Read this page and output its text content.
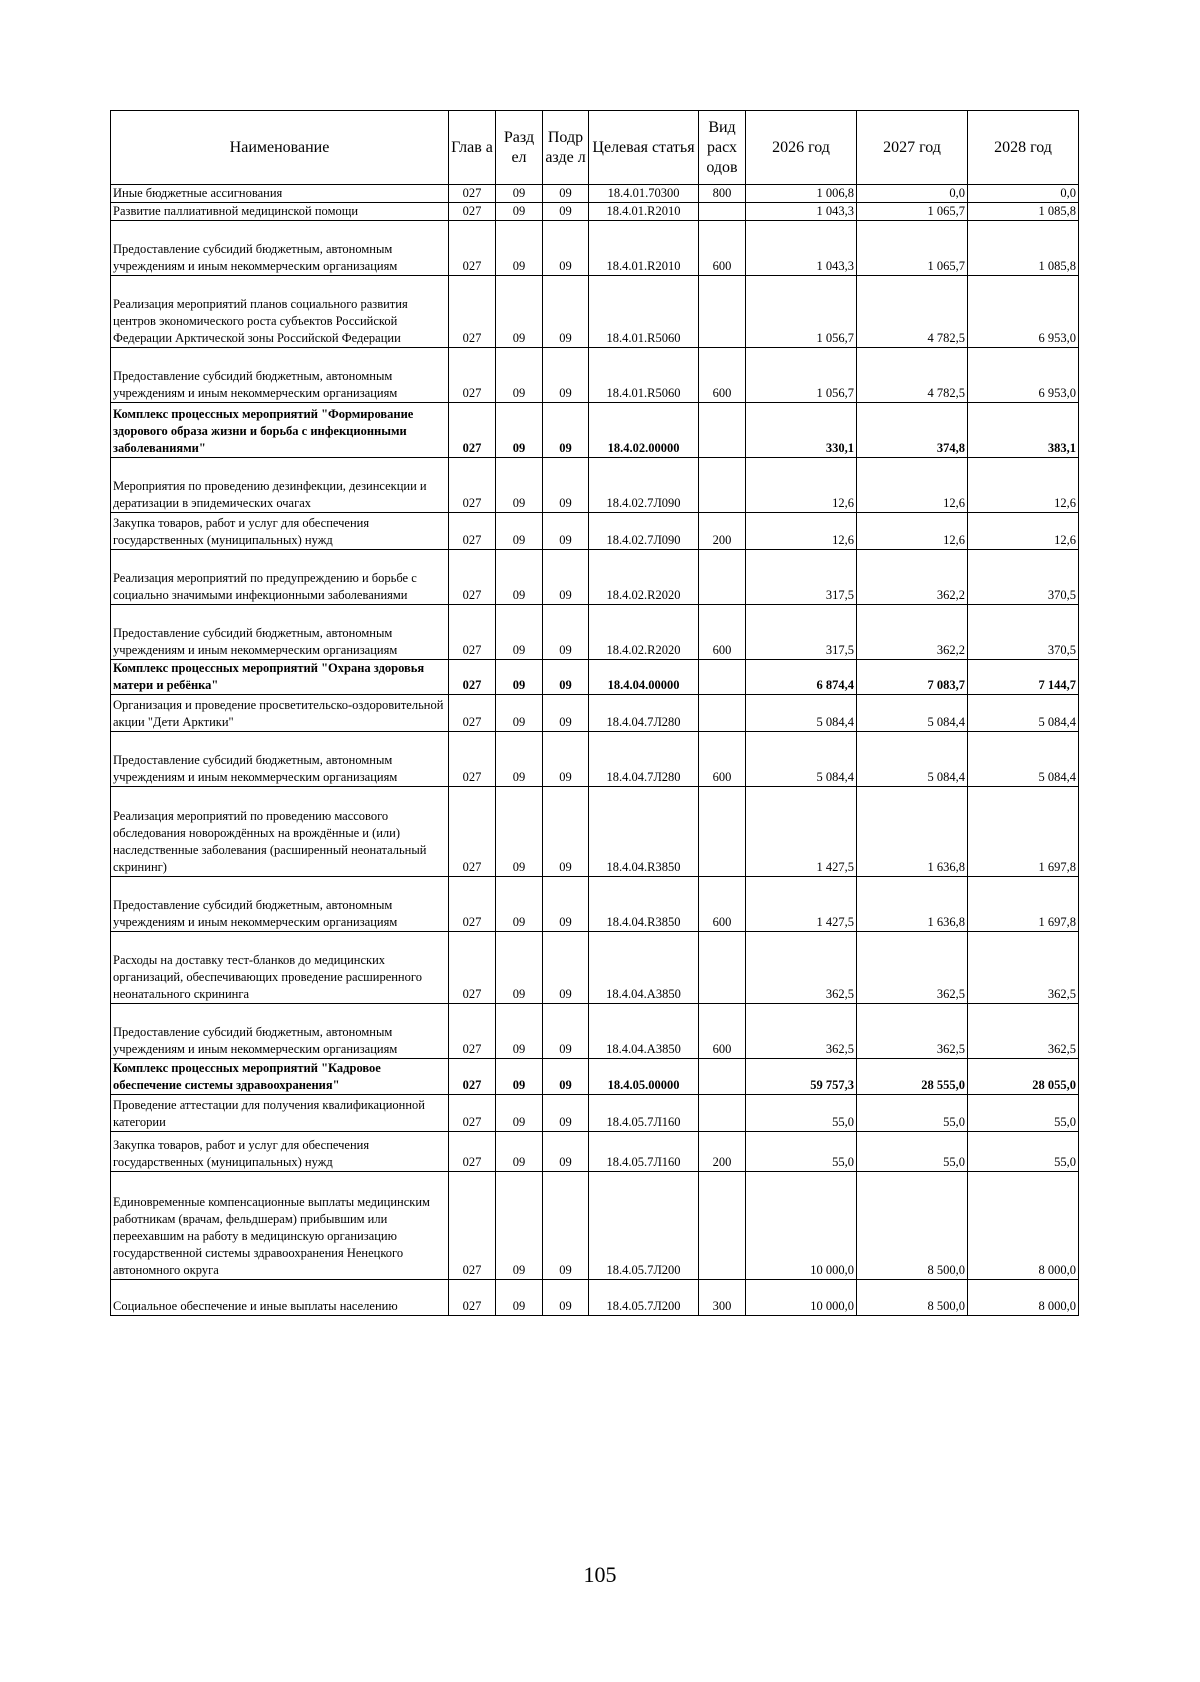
Наименование	Глав а	Разд ел	Подр азде л	Целевая статья	Вид расх одов	2026 год	2027 год	2028 год
Иные бюджетные ассигнования	027	09	09	18.4.01.70300	800	1 006,8	0,0	0,0
Развитие паллиативной медицинской помощи	027	09	09	18.4.01.R2010		1 043,3	1 065,7	1 085,8
Предоставление субсидий бюджетным, автономным учреждениям и иным некоммерческим организациям	027	09	09	18.4.01.R2010	600	1 043,3	1 065,7	1 085,8
Реализация мероприятий планов социального развития центров экономического роста субъектов Российской Федерации Арктической зоны Российской Федерации	027	09	09	18.4.01.R5060		1 056,7	4 782,5	6 953,0
Предоставление субсидий бюджетным, автономным учреждениям и иным некоммерческим организациям	027	09	09	18.4.01.R5060	600	1 056,7	4 782,5	6 953,0
Комплекс процессных мероприятий "Формирование здорового образа жизни и борьба с инфекционными заболеваниями"	027	09	09	18.4.02.00000		330,1	374,8	383,1
Мероприятия по проведению дезинфекции, дезинсекции и дератизации в эпидемических очагах	027	09	09	18.4.02.7Л090		12,6	12,6	12,6
Закупка товаров, работ и услуг для обеспечения государственных (муниципальных) нужд	027	09	09	18.4.02.7Л090	200	12,6	12,6	12,6
Реализация мероприятий по предупреждению и борьбе с социально значимыми инфекционными заболеваниями	027	09	09	18.4.02.R2020		317,5	362,2	370,5
Предоставление субсидий бюджетным, автономным учреждениям и иным некоммерческим организациям	027	09	09	18.4.02.R2020	600	317,5	362,2	370,5
Комплекс процессных мероприятий "Охрана здоровья матери и ребёнка"	027	09	09	18.4.04.00000		6 874,4	7 083,7	7 144,7
Организация и проведение просветительско-оздоровительной акции "Дети Арктики"	027	09	09	18.4.04.7Л280		5 084,4	5 084,4	5 084,4
Предоставление субсидий бюджетным, автономным учреждениям и иным некоммерческим организациям	027	09	09	18.4.04.7Л280	600	5 084,4	5 084,4	5 084,4
Реализация мероприятий по проведению массового обследования новорождённых на врождённые и (или) наследственные заболевания (расширенный неонатальный скрининг)	027	09	09	18.4.04.R3850		1 427,5	1 636,8	1 697,8
Предоставление субсидий бюджетным, автономным учреждениям и иным некоммерческим организациям	027	09	09	18.4.04.R3850	600	1 427,5	1 636,8	1 697,8
Расходы на доставку тест-бланков до медицинских организаций, обеспечивающих проведение расширенного неонатального скрининга	027	09	09	18.4.04.А3850		362,5	362,5	362,5
Предоставление субсидий бюджетным, автономным учреждениям и иным некоммерческим организациям	027	09	09	18.4.04.А3850	600	362,5	362,5	362,5
Комплекс процессных мероприятий "Кадровое обеспечение системы здравоохранения"	027	09	09	18.4.05.00000		59 757,3	28 555,0	28 055,0
Проведение аттестации для получения квалификационной категории	027	09	09	18.4.05.7Л160		55,0	55,0	55,0
Закупка товаров, работ и услуг для обеспечения государственных (муниципальных) нужд	027	09	09	18.4.05.7Л160	200	55,0	55,0	55,0
Единовременные компенсационные выплаты медицинским работникам (врачам, фельдшерам) прибывшим или переехавшим на работу в медицинскую организацию государственной системы здравоохранения Ненецкого автономного округа	027	09	09	18.4.05.7Л200		10 000,0	8 500,0	8 000,0
Социальное обеспечение и иные выплаты населению	027	09	09	18.4.05.7Л200	300	10 000,0	8 500,0	8 000,0
105
